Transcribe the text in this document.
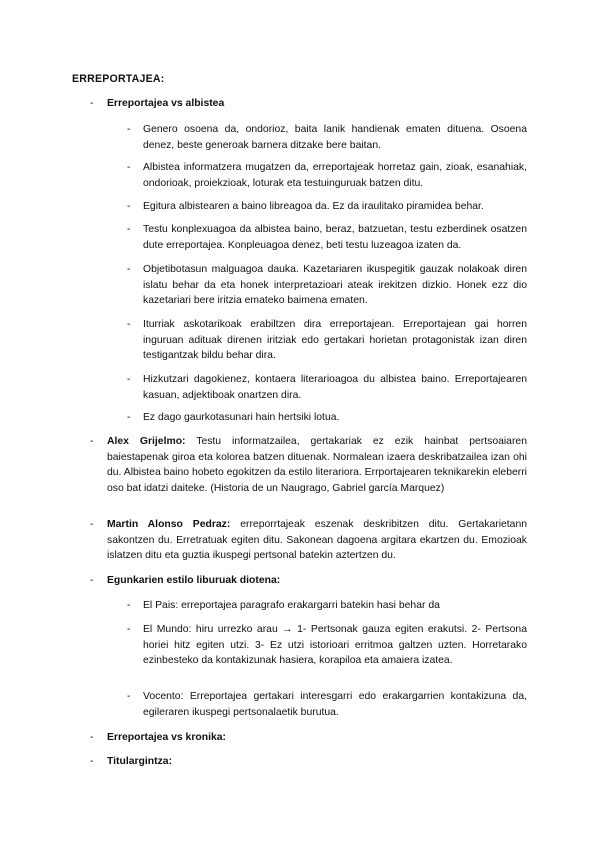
ERREPORTAJEA:
-	Erreportajea vs albistea
-	Genero osoena da, ondorioz, baita lanik handienak ematen dituena. Osoena denez, beste generoak barnera ditzake bere baitan.
-	Albistea informatzera mugatzen da, erreportajeak horretaz gain, zioak, esanahiak, ondorioak, proiekzioak, loturak eta testuinguruak batzen ditu.
-	Egitura albistearen a baino libreagoa da. Ez da iraulitako piramidea behar.
-	Testu konplexuagoa da albistea baino, beraz, batzuetan, testu ezberdinek osatzen dute erreportajea. Konpleuagoa denez, beti testu luzeagoa izaten da.
-	Objetibotasun malguagoa dauka. Kazetariaren ikuspegitik gauzak nolakoak diren islatu behar da eta honek interpretazioari ateak irekitzen dizkio. Honek ezz dio kazetariari bere iritzia emateko baimena ematen.
-	Iturriak askotarikoak erabiltzen dira erreportajean. Erreportajean gai horren inguruan adituak direnen iritziak edo gertakari horietan protagonistak izan diren testigantzak bildu behar dira.
-	Hizkutzari dagokienez, kontaera literarioagoa du albistea baino. Erreportajearen kasuan, adjektiboak onartzen dira.
-	Ez dago gaurkotasunari hain hertsiki lotua.
-	Alex Grijelmo: Testu informatzailea, gertakariak ez ezik hainbat pertsoaiaren baiestapenak giroa eta kolorea batzen dituenak. Normalean izaera deskribatzailea izan ohi du. Albistea baino hobeto egokitzen da estilo literariora. Errportajearen teknikarekin eleberri oso bat idatzi daiteke. (Historia de un Naugrago, Gabriel garcía Marquez)
-	Martin Alonso Pedraz: erreporrtajeak eszenak deskribitzen ditu. Gertakarietann sakontzen du. Erretratuak egiten ditu. Sakonean dagoena argitara ekartzen du. Emozioak islatzen ditu eta guztia ikuspegi pertsonal batekin aztertzen du.
-	Egunkarien estilo liburuak diotena:
-	El Pais: erreportajea paragrafo erakargarri batekin hasi behar da
-	El Mundo: hiru urrezko arau → 1- Pertsonak gauza egiten erakutsi. 2- Pertsona horiei hitz egiten utzi. 3- Ez utzi istorioari erritmoa galtzen uzten. Horretarako ezinbesteko da kontakizunak hasiera, korapiloa eta amaiera izatea.
-	Vocento: Erreportajea gertakari interesgarri edo erakargarrien kontakizuna da, egileraren ikuspegi pertsonalaetik burutua.
-	Erreportajea vs kronika:
-	Titulargintza:
